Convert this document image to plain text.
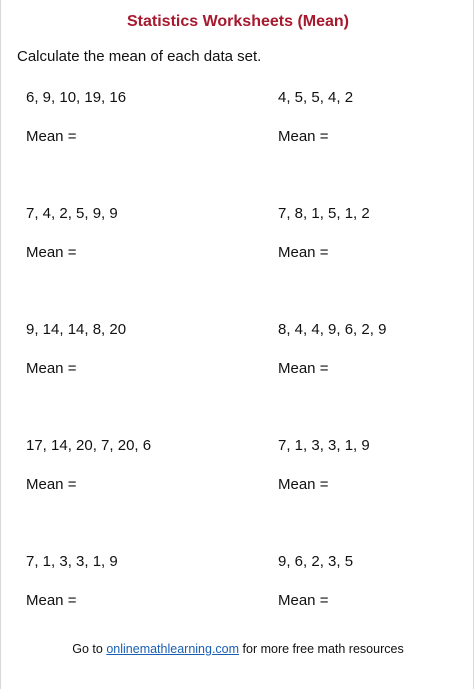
Statistics Worksheets (Mean)
Calculate the mean of each data set.
6, 9, 10, 19, 16
Mean =
4, 5, 5, 4, 2
Mean =
7, 4, 2, 5, 9, 9
Mean =
7, 8, 1, 5, 1, 2
Mean =
9, 14, 14, 8, 20
Mean =
8, 4, 4, 9, 6, 2, 9
Mean =
17, 14, 20, 7, 20, 6
Mean =
7, 1, 3, 3, 1, 9
Mean =
7, 1, 3, 3, 1, 9
Mean =
9, 6, 2, 3, 5
Mean =
Go to onlinemathlearning.com for more free math resources
